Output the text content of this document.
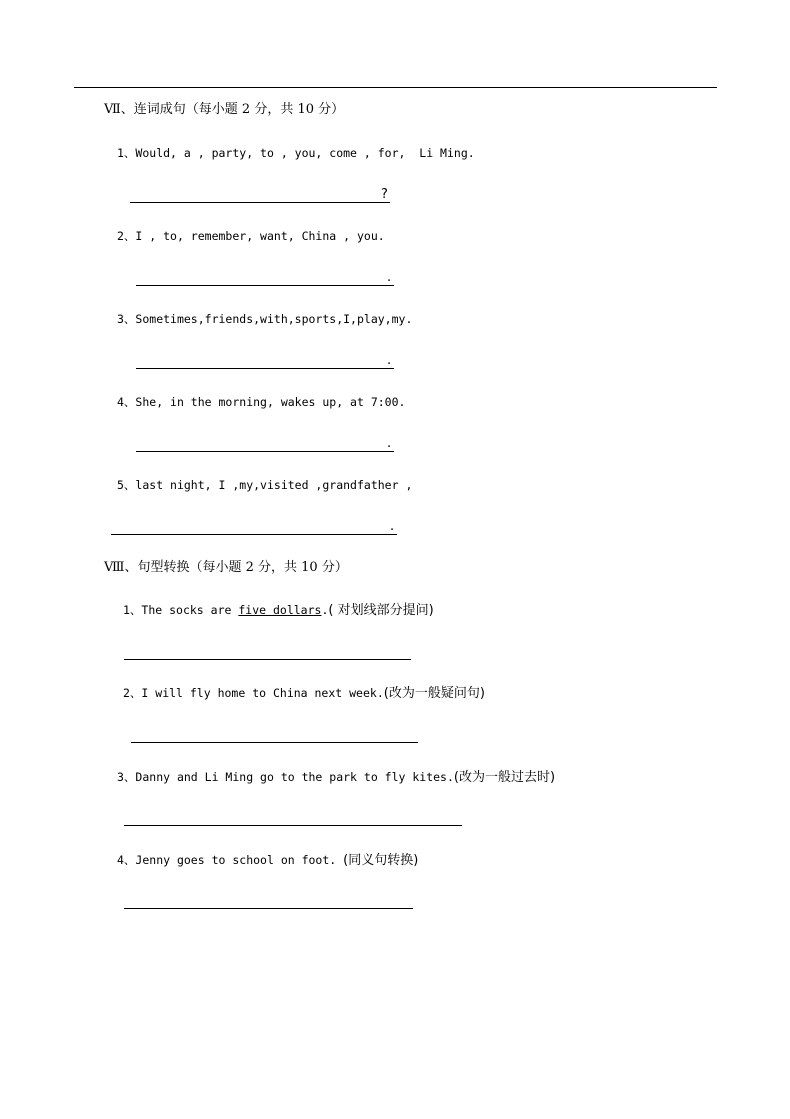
Ⅶ、连词成句（每小题 2 分，共 10 分）
1、Would, a , party, to , you, come , for,  Li Ming.
?
2、I , to, remember, want, China , you.
.
3、Sometimes,friends,with,sports,I,play,my.
.
4、She, in the morning, wakes up, at 7:00.
.
5、last night, I ,my,visited ,grandfather ,
.
Ⅷ、句型转换（每小题 2 分，共 10 分）
1、The socks are five dollars.( 对划线部分提问)
2、I will fly home to China next week.(改为一般疑问句)
3、Danny and Li Ming go to the park to fly kites.(改为一般过去时)
4、Jenny goes to school on foot. (同义句转换)
